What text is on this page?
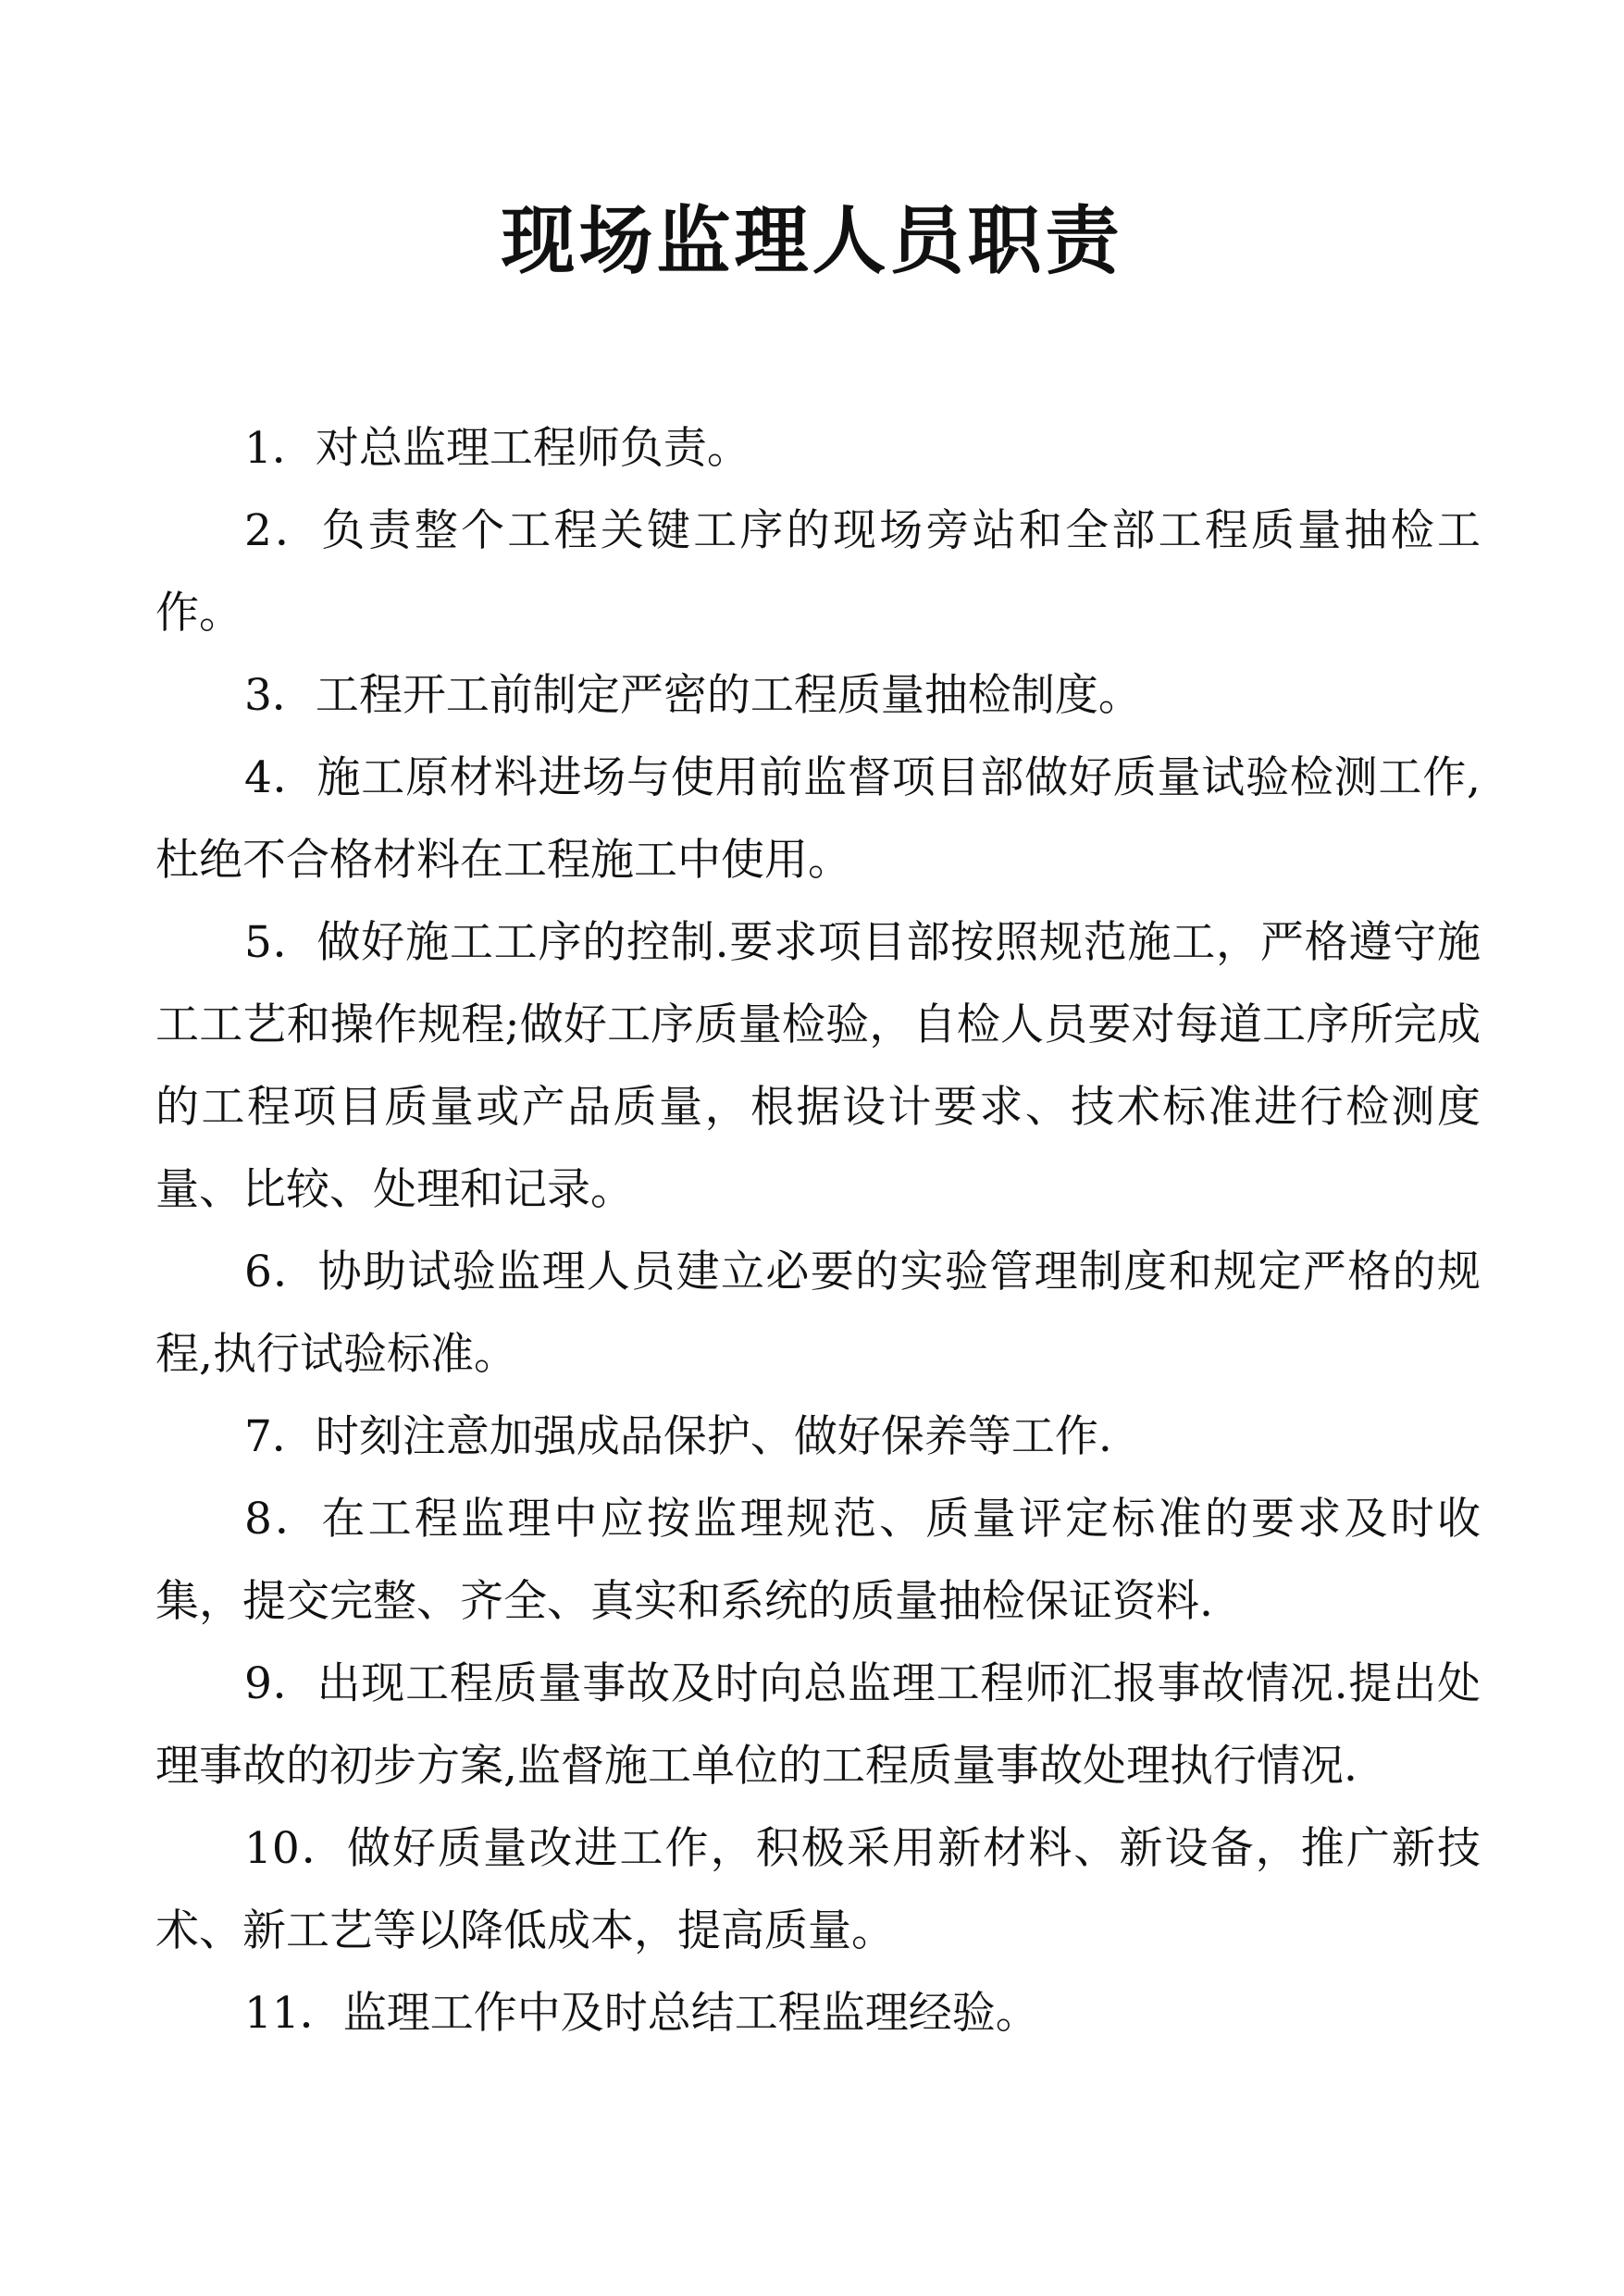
现场监理人员职责

1．对总监理工程师负责。

2．负责整个工程关键工序的现场旁站和全部工程质量抽检工作。

3．工程开工前制定严密的工程质量抽检制度。

4．施工原材料进场与使用前监督项目部做好质量试验检测工作,杜绝不合格材料在工程施工中使用。

5．做好施工工序的控制.要求项目部按照规范施工，严格遵守施工工艺和操作规程;做好工序质量检验，自检人员要对每道工序所完成的工程项目质量或产品质量，根据设计要求、技术标准进行检测度量、比较、处理和记录。

6．协助试验监理人员建立必要的实验管理制度和规定严格的规程,执行试验标准。

7．时刻注意加强成品保护、做好保养等工作.

8．在工程监理中应按监理规范、质量评定标准的要求及时收集，提交完整、齐全、真实和系统的质量抽检保证资料.

9．出现工程质量事故及时向总监理工程师汇报事故情况.提出处理事故的初步方案,监督施工单位的工程质量事故处理执行情况.

10．做好质量改进工作，积极采用新材料、新设备，推广新技术、新工艺等以降低成本，提高质量。

11．监理工作中及时总结工程监理经验。
